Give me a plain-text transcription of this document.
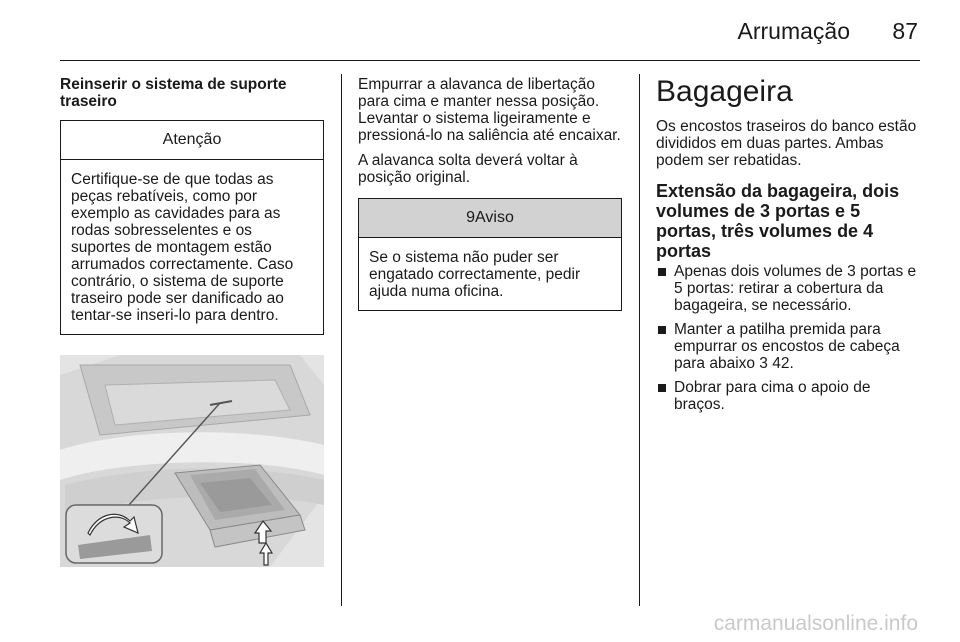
Arrumação 87
Reinserir o sistema de suporte traseiro
Atenção
Certifique-se de que todas as peças rebatíveis, como por exemplo as cavidades para as rodas sobresselentes e os suportes de montagem estão arrumados correctamente. Caso contrário, o sistema de suporte traseiro pode ser danificado ao tentar-se inseri-lo para dentro.

Empurrar a alavanca de libertação para cima e manter nessa posição. Levantar o sistema ligeiramente e pressioná-lo na saliência até encaixar.

A alavanca solta deverá voltar à posição original.

9Aviso
Se o sistema não puder ser engatado correctamente, pedir ajuda numa oficina.
Bagageira

Os encostos traseiros do banco estão divididos em duas partes. Ambas podem ser rebatidas.

Extensão da bagageira, dois volumes de 3 portas e 5 portas, três volumes de 4 portas
Apenas dois volumes de 3 portas e 5 portas: retirar a cobertura da bagageira, se necessário.
Manter a patilha premida para empurrar os encostos de cabeça para abaixo 3 42.
Dobrar para cima o apoio de braços.
carmanualsonline.info
